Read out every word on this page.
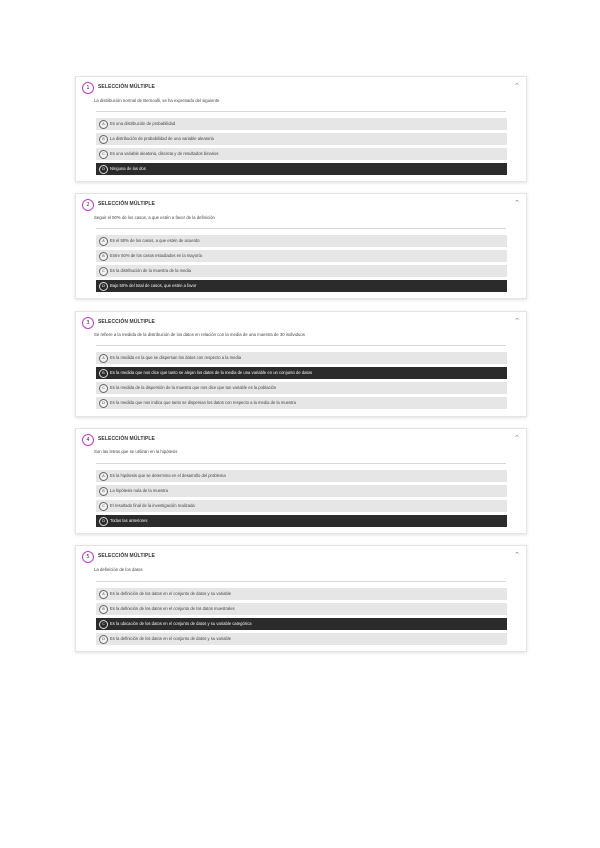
1	SELECCIÓN MÚLTIPLE	⌃
La distribución normal de Bernoulli, se ha expresado del siguiente
A	Es una distribución de probabilidad
B	La distribución de probabilidad de una variable aleatoria
C	Es una variable aleatoria, discreta y de resultados binarios
D	Ninguna de las dos
2	SELECCIÓN MÚLTIPLE	⌃
Seguir el 50% de los casos, a que estén a favor de la definición
A	Es el 50% de los casos, a que estén de acuerdo
B	Entre 50% de los casos estudiados en la mayoría
C	Es la distribución de la muestra de la media
D	Bajo 50% del total de casos, que estén a favor
3	SELECCIÓN MÚLTIPLE	⌃
Se refiere a la medida de la distribución de los datos en relación con la media de una muestra de 30 individuos
A	Es la medida en la que se dispersan los datos con respecto a la media
B	Es la medida que nos dice que tanto se alejan los datos de la media de una variable en un conjunto de datos
C	Es la medida de la dispersión de la muestra que nos dice que tan variable es la población
D	Es la medida que nos indica que tanto se dispersan los datos con respecto a la media de la muestra
4	SELECCIÓN MÚLTIPLE	⌃
Son las letras que se utilizan en la hipótesis
A	Es la hipótesis que se determina en el desarrollo del problema
B	La hipótesis nula de la muestra
C	El resultado final de la investigación realizada
D	Todas las anteriores
5	SELECCIÓN MÚLTIPLE	⌃
La definición de los datos
A	Es la definición de los datos en el conjunto de datos y su variable
B	Es la definición de los datos en el conjunto de los datos muestrales
C	Es la ubicación de los datos en el conjunto de datos y su variable categórica
D	Es la definición de los datos en el conjunto de datos y su variable
